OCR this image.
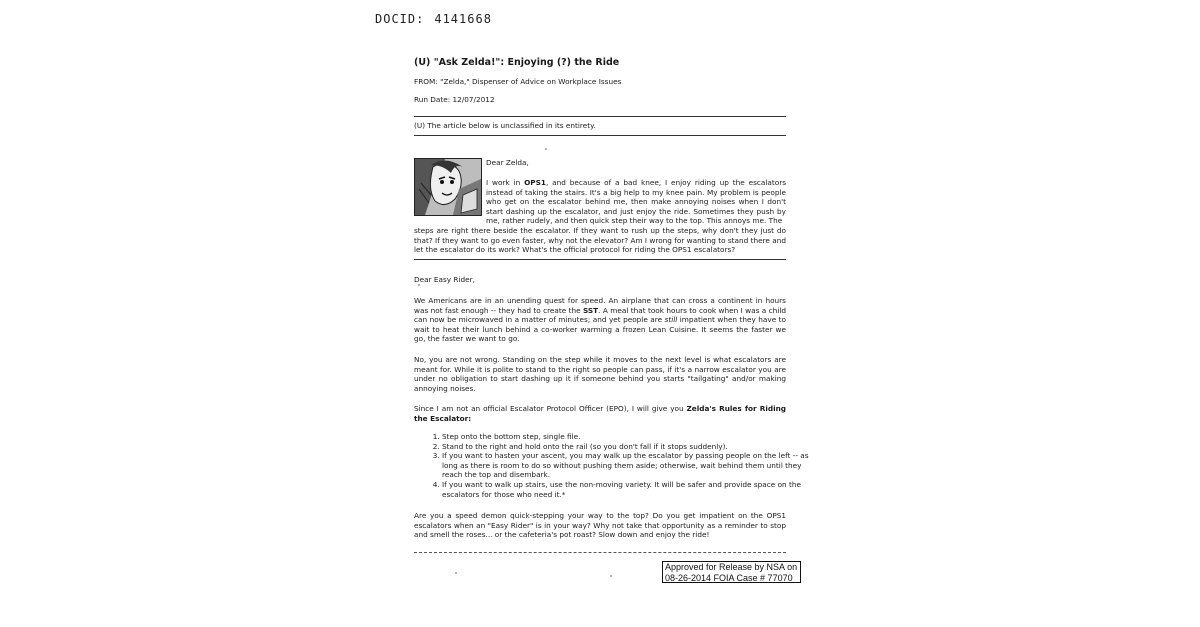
DOCID: 4141668
(U) "Ask Zelda!": Enjoying (?) the Ride
FROM: "Zelda," Dispenser of Advice on Workplace Issues
Run Date: 12/07/2012
(U) The article below is unclassified in its entirety.
Dear Zelda,
I work in OPS1, and because of a bad knee, I enjoy riding up the escalators instead of taking the stairs. It's a big help to my knee pain. My problem is people who get on the escalator behind me, then make annoying noises when I don't start dashing up the escalator, and just enjoy the ride. Sometimes they push by me, rather rudely, and then quick step their way to the top. This annoys me. The
steps are right there beside the escalator. If they want to rush up the steps, why don't they just do that? If they want to go even faster, why not the elevator? Am I wrong for wanting to stand there and let the escalator do its work? What's the official protocol for riding the OPS1 escalators?
Dear Easy Rider,
We Americans are in an unending quest for speed. An airplane that can cross a continent in hours was not fast enough -- they had to create the SST. A meal that took hours to cook when I was a child can now be microwaved in a matter of minutes; and yet people are still impatient when they have to wait to heat their lunch behind a co-worker warming a frozen Lean Cuisine. It seems the faster we go, the faster we want to go.
No, you are not wrong. Standing on the step while it moves to the next level is what escalators are meant for. While it is polite to stand to the right so people can pass, if it's a narrow escalator you are under no obligation to start dashing up it if someone behind you starts "tailgating" and/or making annoying noises.
Since I am not an official Escalator Protocol Officer (EPO), I will give you Zelda's Rules for Riding the Escalator:
1. Step onto the bottom step, single file.
2. Stand to the right and hold onto the rail (so you don't fall if it stops suddenly).
3. If you want to hasten your ascent, you may walk up the escalator by passing people on the left -- as long as there is room to do so without pushing them aside; otherwise, wait behind them until they reach the top and disembark.
4. If you want to walk up stairs, use the non-moving variety. It will be safer and provide space on the escalators for those who need it.*
Are you a speed demon quick-stepping your way to the top? Do you get impatient on the OPS1 escalators when an "Easy Rider" is in your way? Why not take that opportunity as a reminder to stop and smell the roses... or the cafeteria's pot roast? Slow down and enjoy the ride!
Approved for Release by NSA on
08-26-2014 FOIA Case # 77070
